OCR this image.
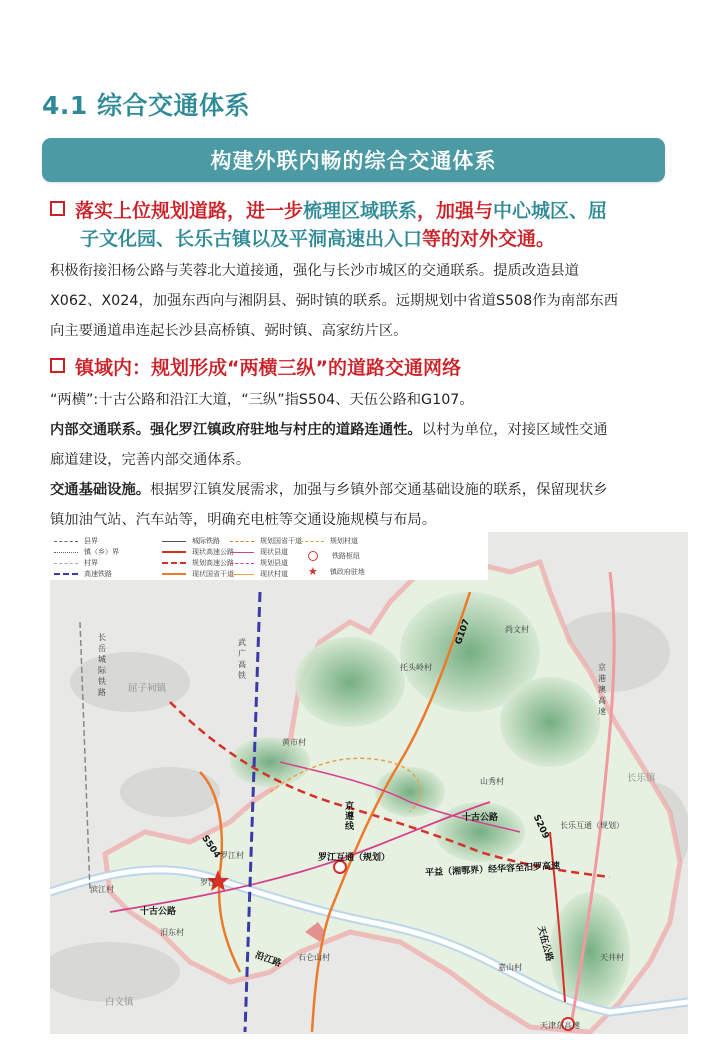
4.1 综合交通体系
构建外联内畅的综合交通体系
落实上位规划道路，进一步梳理区域联系，加强与中心城区、屈
子文化园、长乐古镇以及平洞高速出入口等的对外交通。
积极衔接汨杨公路与芙蓉北大道接通，强化与长沙市城区的交通联系。提质改造县道
X062、X024，加强东西向与湘阴县、弼时镇的联系。远期规划中省道S508作为南部东西
向主要通道串连起长沙县高桥镇、弼时镇、高家纺片区。
镇域内：规划形成“两横三纵”的道路交通网络
“两横”:十古公路和沿江大道，“三纵”指S504、天伍公路和G107。
内部交通联系。强化罗江镇政府驻地与村庄的道路连通性。以村为单位，对接区域性交通
廊道建设，完善内部交通体系。
交通基础设施。根据罗江镇发展需求，加强与乡镇外部交通基础设施的联系，保留现状乡
镇加油气站、汽车站等，明确充电桩等交通设施规模与布局。
县界
镇（乡）界
村界
高速铁路
城际铁路
现状高速公路
规划高速公路
现状国省干道
规划国省干道
现状县道
规划县道
现状村道
规划村道
铁路枢纽
★ 镇政府驻地
屈子祠镇
长乐镇
长岳城际铁路
武广高铁
京港澳高速
S504
G107
罗江互通（规划）
长乐互通（规划）
平益（湘鄂界）经华容至汨罗高速
S209
十古公路
十古公路
天伍公路
沿江路
京遵线
黄市村
托头岭村
尚文村
山秀村
天井村
滨江村
罗江
罗江村
汨东村
石仑山村
嘉山村
白文镇
天津东高速
